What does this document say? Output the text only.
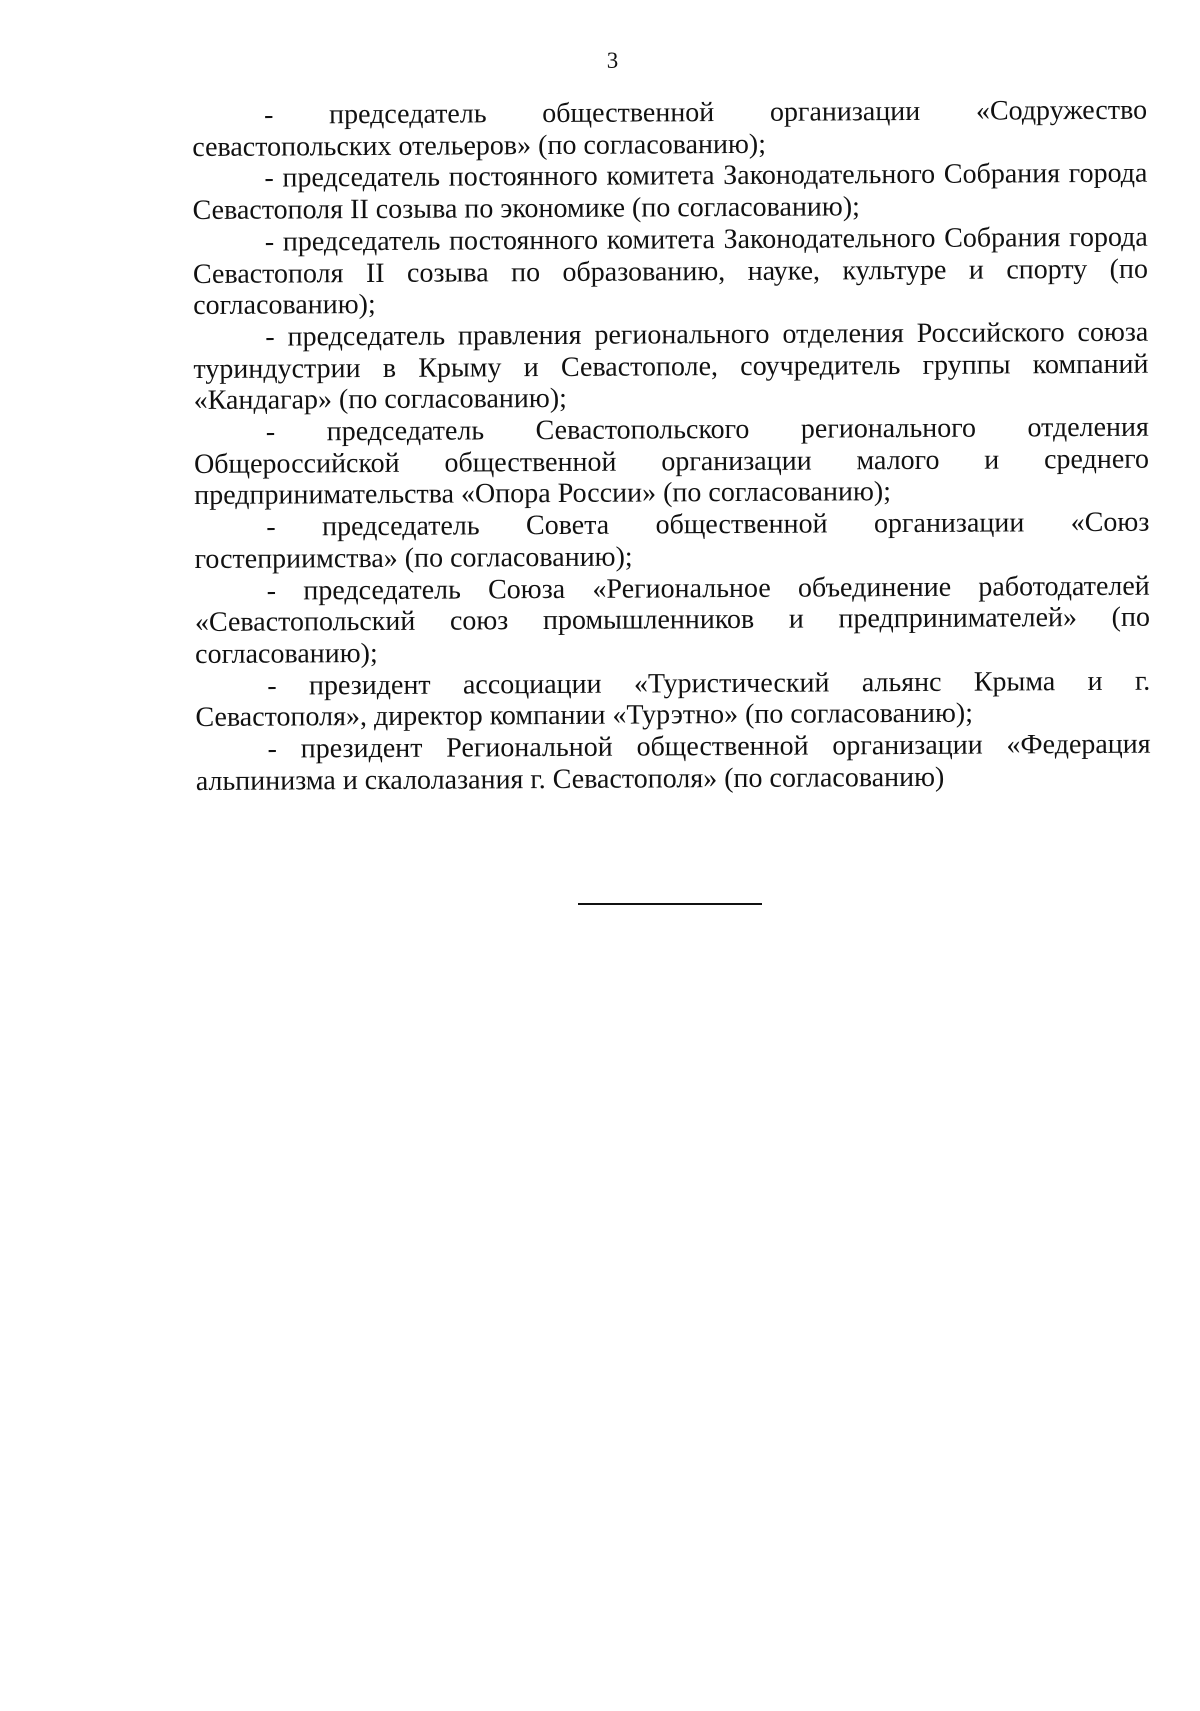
3

- председатель общественной организации «Содружество севастопольских отельеров» (по согласованию);

- председатель постоянного комитета Законодательного Собрания города Севастополя II созыва по экономике (по согласованию);

- председатель постоянного комитета Законодательного Собрания города Севастополя II созыва по образованию, науке, культуре и спорту (по согласованию);

- председатель правления регионального отделения Российского союза туриндустрии в Крыму и Севастополе, соучредитель группы компаний «Кандагар» (по согласованию);

- председатель Севастопольского регионального отделения Общероссийской общественной организации малого и среднего предпринимательства «Опора России» (по согласованию);

- председатель Совета общественной организации «Союз гостеприимства» (по согласованию);

- председатель Союза «Региональное объединение работодателей «Севастопольский союз промышленников и предпринимателей» (по согласованию);

- президент ассоциации «Туристический альянс Крыма и г. Севастополя», директор компании «Турэтно» (по согласованию);

- президент Региональной общественной организации «Федерация альпинизма и скалолазания г. Севастополя» (по согласованию)
